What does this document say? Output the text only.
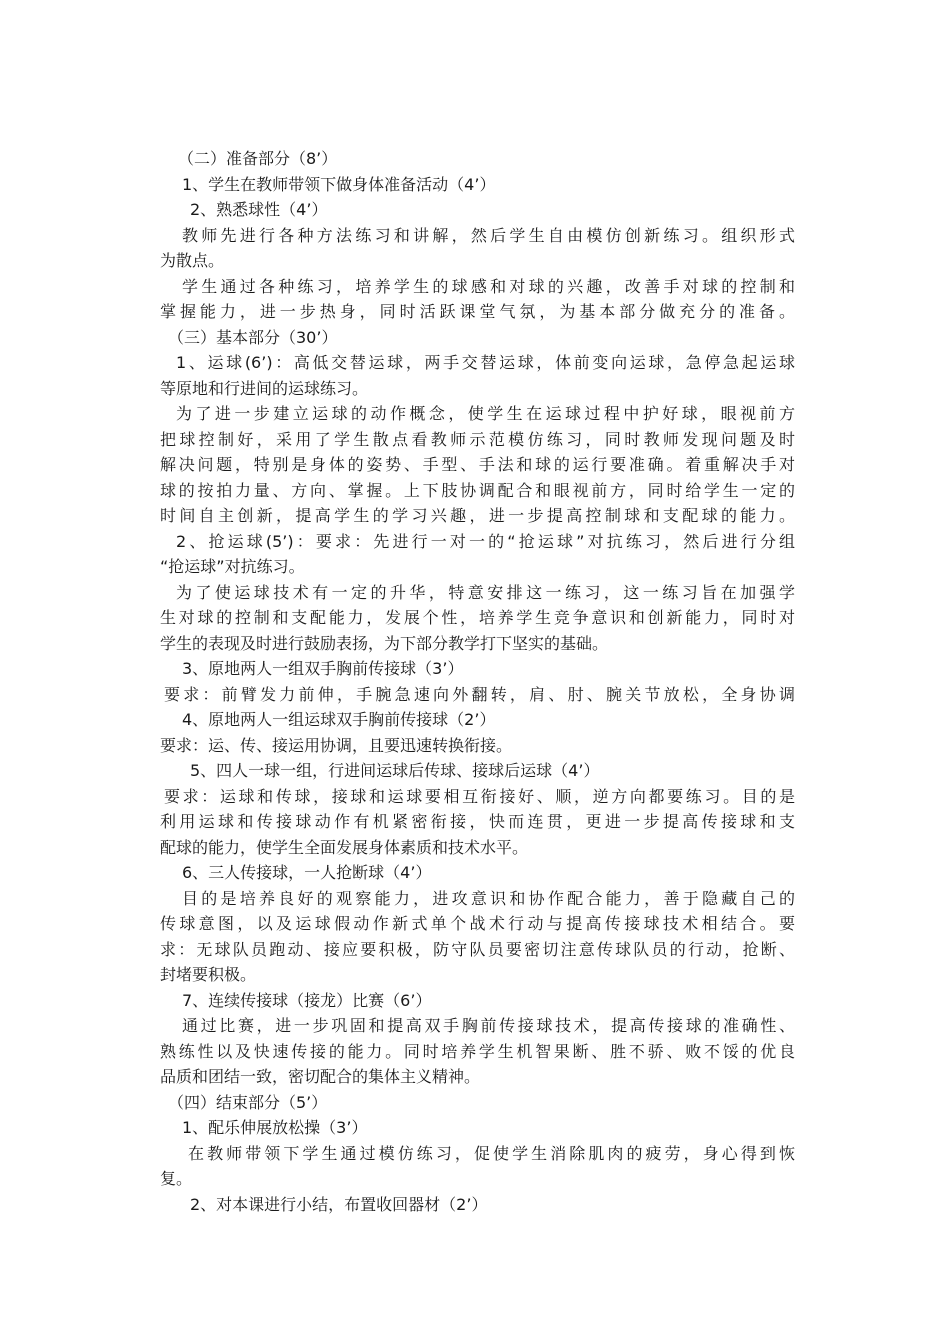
（二）准备部分（8’）
1、学生在教师带领下做身体准备活动（4’）
2、熟悉球性（4’）
教师先进行各种方法练习和讲解，然后学生自由模仿创新练习。组织形式
为散点。
学生通过各种练习，培养学生的球感和对球的兴趣，改善手对球的控制和
掌握能力，进一步热身，同时活跃课堂气氛，为基本部分做充分的准备。
（三）基本部分（30’）
1、运球(6’)：高低交替运球，两手交替运球，体前变向运球，急停急起运球
等原地和行进间的运球练习。
为了进一步建立运球的动作概念，使学生在运球过程中护好球，眼视前方
把球控制好，采用了学生散点看教师示范模仿练习，同时教师发现问题及时
解决问题，特别是身体的姿势、手型、手法和球的运行要准确。着重解决手对
球的按拍力量、方向、掌握。上下肢协调配合和眼视前方，同时给学生一定的
时间自主创新，提高学生的学习兴趣，进一步提高控制球和支配球的能力。
2、抢运球(5’)：要求：先进行一对一的“抢运球”对抗练习，然后进行分组
“抢运球”对抗练习。
为了使运球技术有一定的升华，特意安排这一练习，这一练习旨在加强学
生对球的控制和支配能力，发展个性，培养学生竞争意识和创新能力，同时对
学生的表现及时进行鼓励表扬，为下部分教学打下坚实的基础。
3、原地两人一组双手胸前传接球（3’）
要求：前臂发力前伸，手腕急速向外翻转，肩、肘、腕关节放松，全身协调
4、原地两人一组运球双手胸前传接球（2’）
要求：运、传、接运用协调，且要迅速转换衔接。
5、四人一球一组，行进间运球后传球、接球后运球（4’）
要求：运球和传球，接球和运球要相互衔接好、顺，逆方向都要练习。目的是
利用运球和传接球动作有机紧密衔接，快而连贯，更进一步提高传接球和支
配球的能力，使学生全面发展身体素质和技术水平。
6、三人传接球，一人抢断球（4’）
目的是培养良好的观察能力，进攻意识和协作配合能力，善于隐藏自己的
传球意图，以及运球假动作新式单个战术行动与提高传接球技术相结合。要
求：无球队员跑动、接应要积极，防守队员要密切注意传球队员的行动，抢断、
封堵要积极。
7、连续传接球（接龙）比赛（6’）
通过比赛，进一步巩固和提高双手胸前传接球技术，提高传接球的准确性、
熟练性以及快速传接的能力。同时培养学生机智果断、胜不骄、败不馁的优良
品质和团结一致，密切配合的集体主义精神。
（四）结束部分（5’）
1、配乐伸展放松操（3’）
在教师带领下学生通过模仿练习，促使学生消除肌肉的疲劳，身心得到恢
复。
2、对本课进行小结，布置收回器材（2’）
